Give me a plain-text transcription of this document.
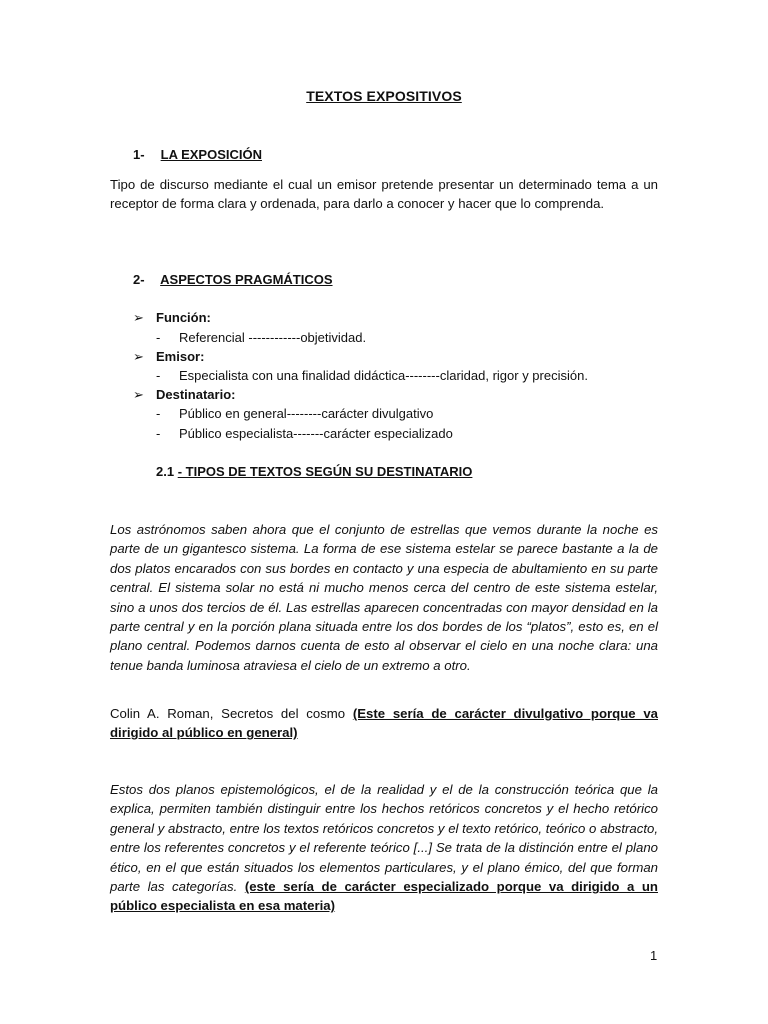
TEXTOS EXPOSITIVOS
1- LA EXPOSICIÓN

Tipo de discurso mediante el cual un emisor pretende presentar un determinado tema a un receptor de forma clara y ordenada, para darlo a conocer y hacer que lo comprenda.

2- ASPECTOS PRAGMÁTICOS
➢ Función:
- Referencial ------------objetividad.
➢ Emisor:
- Especialista con una finalidad didáctica--------claridad, rigor y precisión.
➢ Destinatario:
- Público en general--------carácter divulgativo
- Público especialista-------carácter especializado
2.1 - TIPOS DE TEXTOS SEGÚN SU DESTINATARIO

Los astrónomos saben ahora que el conjunto de estrellas que vemos durante la noche es parte de un gigantesco sistema. La forma de ese sistema estelar se parece bastante a la de dos platos encarados con sus bordes en contacto y una especia de abultamiento en su parte central. El sistema solar no está ni mucho menos cerca del centro de este sistema estelar, sino a unos dos tercios de él. Las estrellas aparecen concentradas con mayor densidad en la parte central y en la porción plana situada entre los dos bordes de los “platos”, esto es, en el plano central. Podemos darnos cuenta de esto al observar el cielo en una noche clara: una tenue banda luminosa atraviesa el cielo de un extremo a otro.

Colin A. Roman, Secretos del cosmo (Este sería de carácter divulgativo porque va dirigido al público en general)

Estos dos planos epistemológicos, el de la realidad y el de la construcción teórica que la explica, permiten también distinguir entre los hechos retóricos concretos y el hecho retórico general y abstracto, entre los textos retóricos concretos y el texto retórico, teórico o abstracto, entre los referentes concretos y el referente teórico [...] Se trata de la distinción entre el plano ético, en el que están situados los elementos particulares, y el plano émico, del que forman parte las categorías. (este sería de carácter especializado porque va dirigido a un público especialista en esa materia)

1
